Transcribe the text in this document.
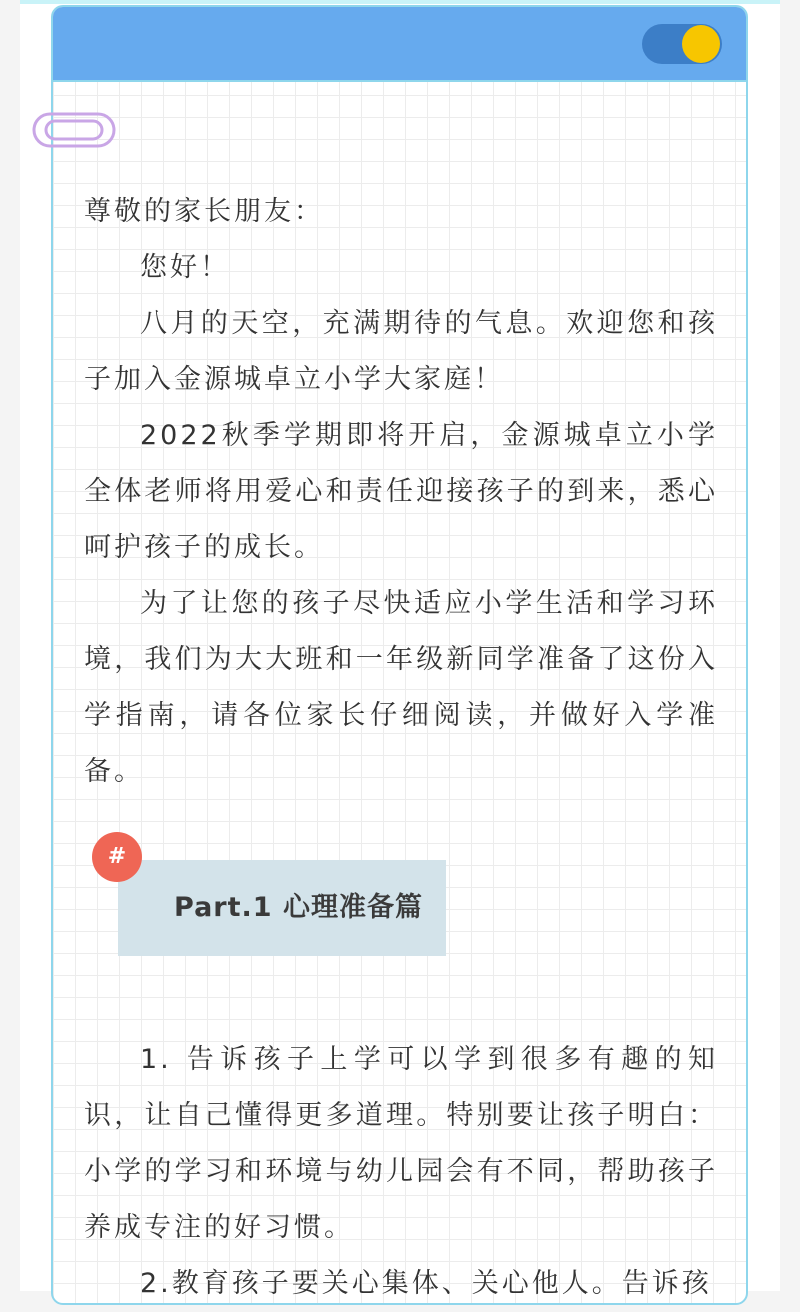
尊敬的家长朋友：

您好！

八月的天空，充满期待的气息。欢迎您和孩子加入金源城卓立小学大家庭！

2022秋季学期即将开启，金源城卓立小学全体老师将用爱心和责任迎接孩子的到来，悉心呵护孩子的成长。

为了让您的孩子尽快适应小学生活和学习环境，我们为大大班和一年级新同学准备了这份入学指南，请各位家长仔细阅读，并做好入学准备。

Part.1 心理准备篇
#

1. 告诉孩子上学可以学到很多有趣的知识，让自己懂得更多道理。特别要让孩子明白：小学的学习和环境与幼儿园会有不同，帮助孩子养成专注的好习惯。

2.教育孩子要关心集体、关心他人。告诉孩
